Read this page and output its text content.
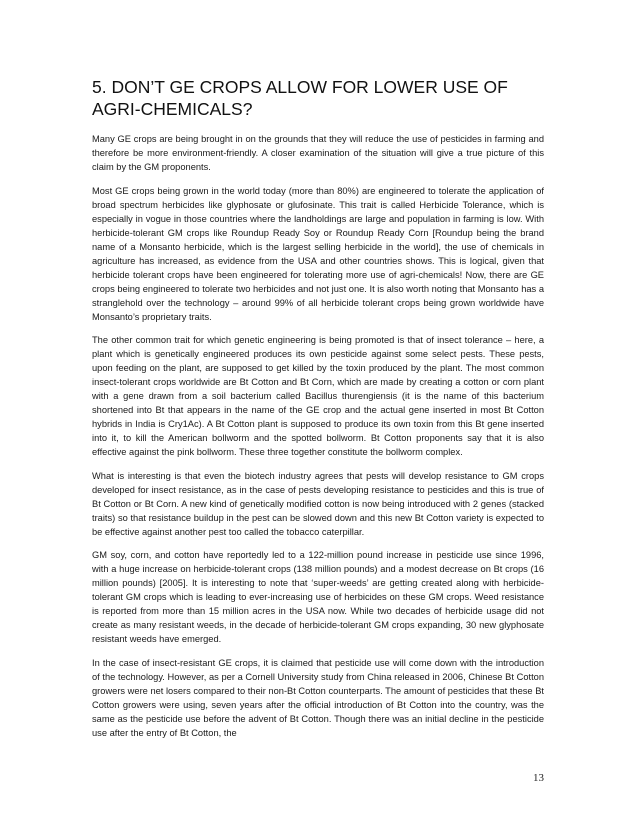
5. DON’T GE CROPS ALLOW FOR LOWER USE OF AGRI-CHEMICALS?

Many GE crops are being brought in on the grounds that they will reduce the use of pesticides in farming and therefore be more environment-friendly. A closer examination of the situation will give a true picture of this claim by the GM proponents.

Most GE crops being grown in the world today (more than 80%) are engineered to tolerate the application of broad spectrum herbicides like glyphosate or glufosinate. This trait is called Herbicide Tolerance, which is especially in vogue in those countries where the landholdings are large and population in farming is low. With herbicide-tolerant GM crops like Roundup Ready Soy or Roundup Ready Corn [Roundup being the brand name of a Monsanto herbicide, which is the largest selling herbicide in the world], the use of chemicals in agriculture has increased, as evidence from the USA and other countries shows. This is logical, given that herbicide tolerant crops have been engineered for tolerating more use of agri-chemicals! Now, there are GE crops being engineered to tolerate two herbicides and not just one. It is also worth noting that Monsanto has a stranglehold over the technology – around 99% of all herbicide tolerant crops being grown worldwide have Monsanto’s proprietary traits.

The other common trait for which genetic engineering is being promoted is that of insect tolerance – here, a plant which is genetically engineered produces its own pesticide against some select pests. These pests, upon feeding on the plant, are supposed to get killed by the toxin produced by the plant. The most common insect-tolerant crops worldwide are Bt Cotton and Bt Corn, which are made by creating a cotton or corn plant with a gene drawn from a soil bacterium called Bacillus thurengiensis (it is the name of this bacterium shortened into Bt that appears in the name of the GE crop and the actual gene inserted in most Bt Cotton hybrids in India is Cry1Ac). A Bt Cotton plant is supposed to produce its own toxin from this Bt gene inserted into it, to kill the American bollworm and the spotted bollworm. Bt Cotton proponents say that it is also effective against the pink bollworm. These three together constitute the bollworm complex.

What is interesting is that even the biotech industry agrees that pests will develop resistance to GM crops developed for insect resistance, as in the case of pests developing resistance to pesticides and this is true of Bt Cotton or Bt Corn. A new kind of genetically modified cotton is now being introduced with 2 genes (stacked traits) so that resistance buildup in the pest can be slowed down and this new Bt Cotton variety is expected to be effective against another pest too called the tobacco caterpillar.

GM soy, corn, and cotton have reportedly led to a 122-million pound increase in pesticide use since 1996, with a huge increase on herbicide-tolerant crops (138 million pounds) and a modest decrease on Bt crops (16 million pounds) [2005]. It is interesting to note that ‘super-weeds’ are getting created along with herbicide-tolerant GM crops which is leading to ever-increasing use of herbicides on these GM crops. Weed resistance is reported from more than 15 million acres in the USA now. While two decades of herbicide usage did not create as many resistant weeds, in the decade of herbicide-tolerant GM crops expanding, 30 new glyphosate resistant weeds have emerged.

In the case of insect-resistant GE crops, it is claimed that pesticide use will come down with the introduction of the technology. However, as per a Cornell University study from China released in 2006, Chinese Bt Cotton growers were net losers compared to their non-Bt Cotton counterparts. The amount of pesticides that these Bt Cotton growers were using, seven years after the official introduction of Bt Cotton into the country, was the same as the pesticide use before the advent of Bt Cotton. Though there was an initial decline in the pesticide use after the entry of Bt Cotton, the

13
